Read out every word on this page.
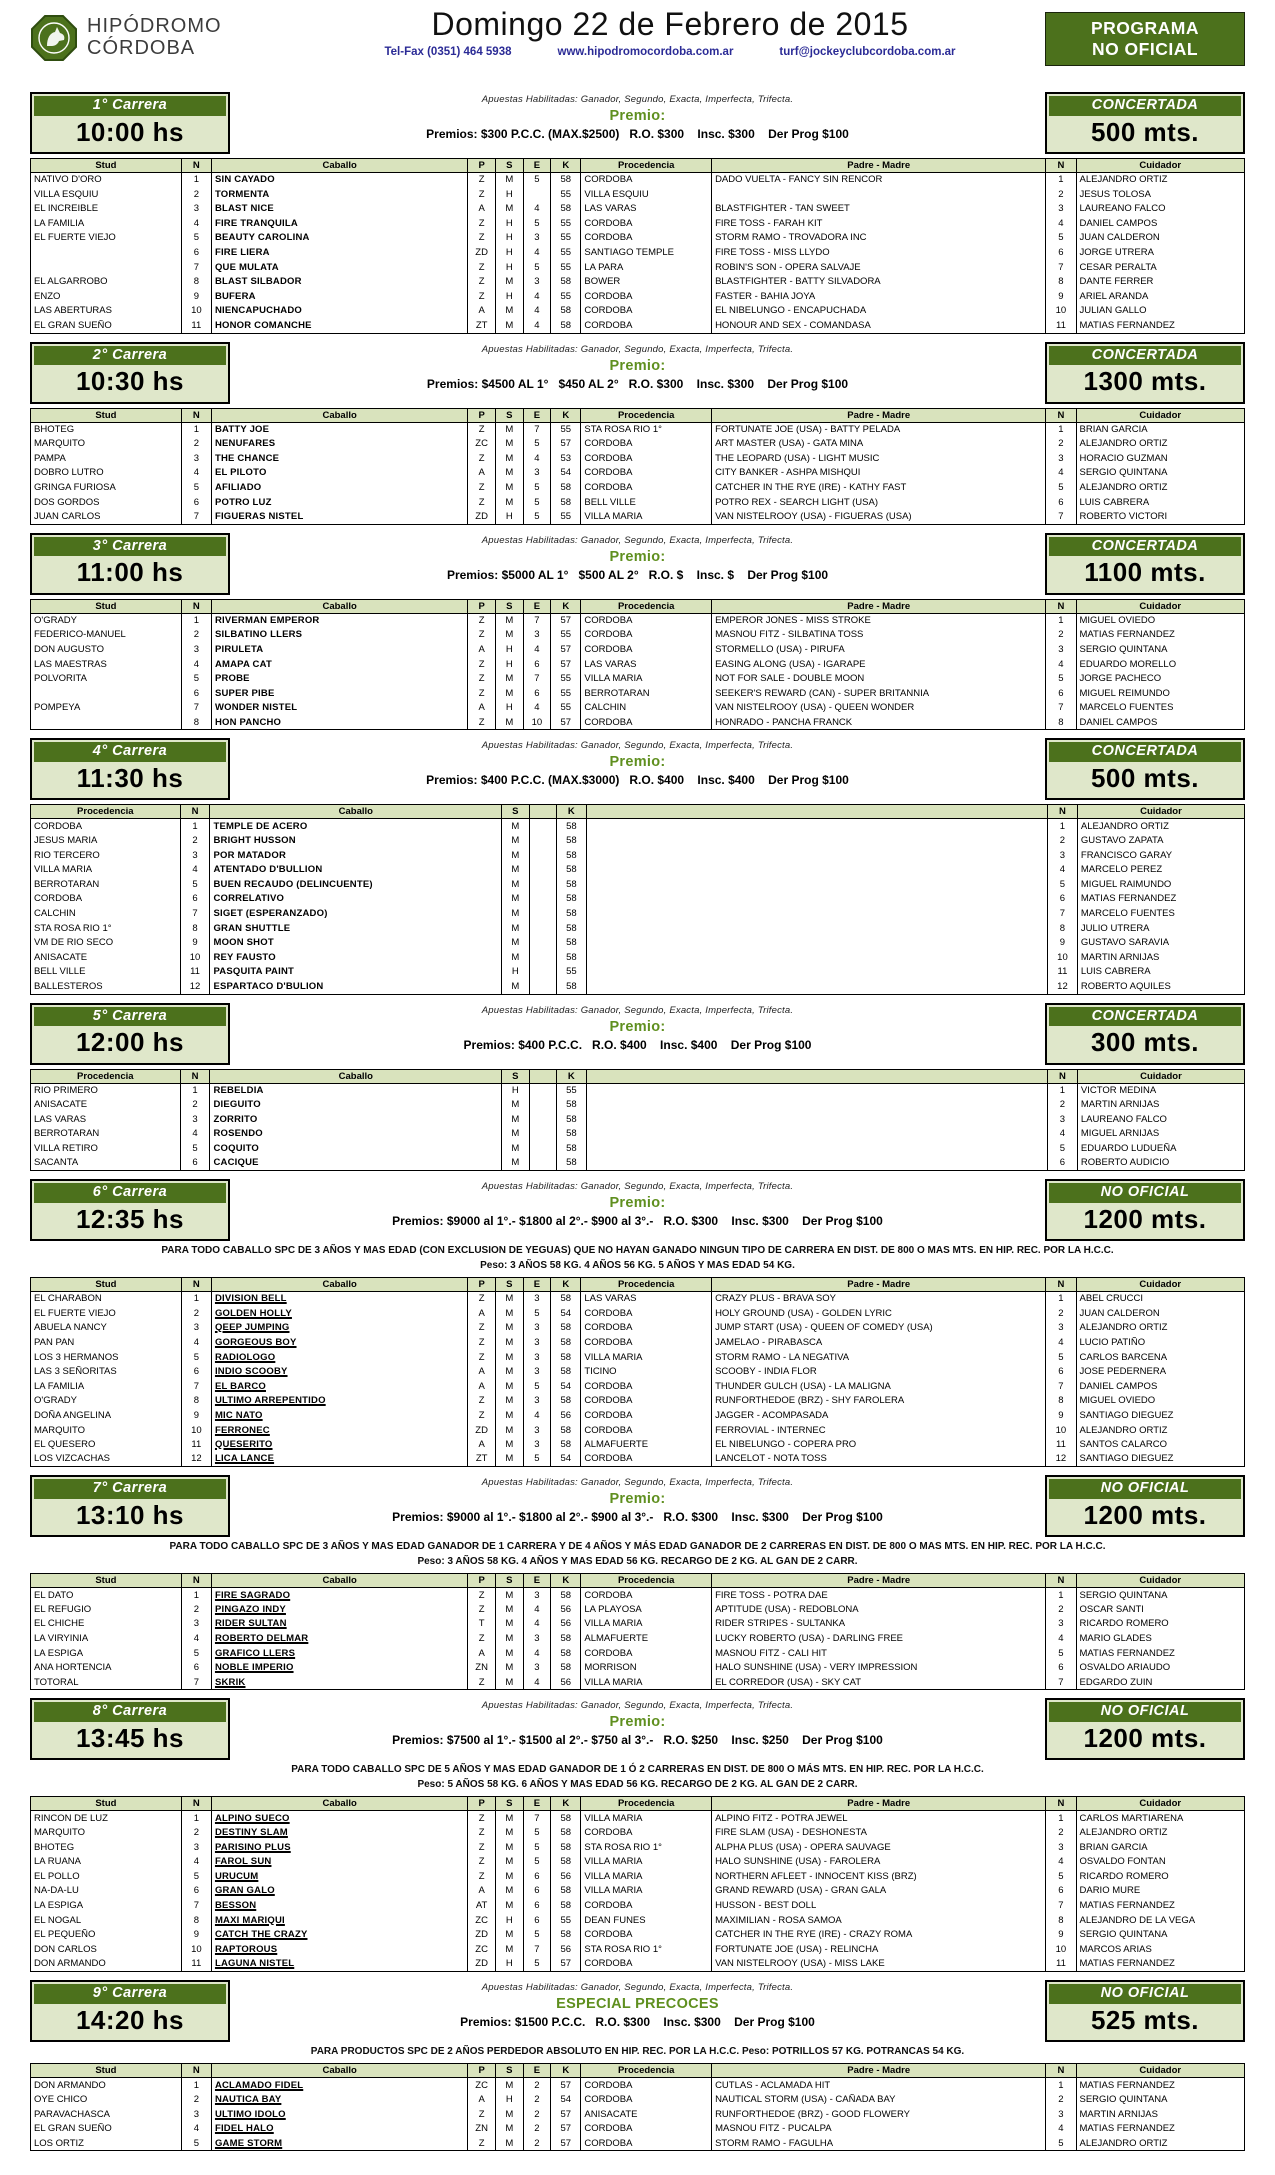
HIPÓDROMO
CÓRDOBA
Domingo 22 de Febrero de 2015
Tel-Fax (0351) 464 5938	www.hipodromocordoba.com.ar	turf@jockeyclubcordoba.com.ar
PROGRAMA
NO OFICIAL
1° Carrera
10:00 hs
Apuestas Habilitadas: Ganador, Segundo, Exacta, Imperfecta, Trifecta.
Premio:
Premios: $300 P.C.C. (MAX.$2500)   R.O. $300    Insc. $300    Der Prog $100
CONCERTADA
500 mts.
Stud	N	Caballo	P	S	E	K	Procedencia	Padre - Madre	N	Cuidador
NATIVO D'ORO	1	SIN CAYADO	Z	M	5	58	CORDOBA	DADO VUELTA - FANCY SIN RENCOR	1	ALEJANDRO ORTIZ
VILLA ESQUIU	2	TORMENTA	Z	H		55	VILLA ESQUIU		2	JESUS TOLOSA
EL INCREIBLE	3	BLAST NICE	A	M	4	58	LAS VARAS	BLASTFIGHTER - TAN SWEET	3	LAUREANO FALCO
LA FAMILIA	4	FIRE TRANQUILA	Z	H	5	55	CORDOBA	FIRE TOSS - FARAH KIT	4	DANIEL CAMPOS
EL FUERTE VIEJO	5	BEAUTY CAROLINA	Z	H	3	55	CORDOBA	STORM RAMO - TROVADORA INC	5	JUAN CALDERON
	6	FIRE LIERA	ZD	H	4	55	SANTIAGO TEMPLE	FIRE TOSS - MISS LLYDO	6	JORGE UTRERA
	7	QUE MULATA	Z	H	5	55	LA PARA	ROBIN'S SON - OPERA SALVAJE	7	CESAR PERALTA
EL ALGARROBO	8	BLAST SILBADOR	Z	M	3	58	BOWER	BLASTFIGHTER - BATTY SILVADORA	8	DANTE FERRER
ENZO	9	BUFERA	Z	H	4	55	CORDOBA	FASTER - BAHIA JOYA	9	ARIEL ARANDA
LAS ABERTURAS	10	NIENCAPUCHADO	A	M	4	58	CORDOBA	EL NIBELUNGO - ENCAPUCHADA	10	JULIAN GALLO
EL GRAN SUEÑO	11	HONOR COMANCHE	ZT	M	4	58	CORDOBA	HONOUR AND SEX - COMANDASA	11	MATIAS FERNANDEZ
2° Carrera
10:30 hs
Apuestas Habilitadas: Ganador, Segundo, Exacta, Imperfecta, Trifecta.
Premio:
Premios: $4500 AL 1°   $450 AL 2°   R.O. $300    Insc. $300    Der Prog $100
CONCERTADA
1300 mts.
Stud	N	Caballo	P	S	E	K	Procedencia	Padre - Madre	N	Cuidador
BHOTEG	1	BATTY JOE	Z	M	7	55	STA ROSA RIO 1°	FORTUNATE JOE (USA) - BATTY PELADA	1	BRIAN GARCIA
MARQUITO	2	NENUFARES	ZC	M	5	57	CORDOBA	ART MASTER (USA) - GATA MINA	2	ALEJANDRO ORTIZ
PAMPA	3	THE CHANCE	Z	M	4	53	CORDOBA	THE LEOPARD (USA) - LIGHT MUSIC	3	HORACIO GUZMAN
DOBRO LUTRO	4	EL PILOTO	A	M	3	54	CORDOBA	CITY BANKER - ASHPA MISHQUI	4	SERGIO QUINTANA
GRINGA FURIOSA	5	AFILIADO	Z	M	5	58	CORDOBA	CATCHER IN THE RYE (IRE) - KATHY FAST	5	ALEJANDRO ORTIZ
DOS GORDOS	6	POTRO LUZ	Z	M	5	58	BELL VILLE	POTRO REX - SEARCH LIGHT (USA)	6	LUIS CABRERA
JUAN CARLOS	7	FIGUERAS NISTEL	ZD	H	5	55	VILLA MARIA	VAN NISTELROOY (USA) - FIGUERAS (USA)	7	ROBERTO VICTORI
3° Carrera
11:00 hs
Apuestas Habilitadas: Ganador, Segundo, Exacta, Imperfecta, Trifecta.
Premio:
Premios: $5000 AL 1°   $500 AL 2°   R.O. $    Insc. $    Der Prog $100
CONCERTADA
1100 mts.
Stud	N	Caballo	P	S	E	K	Procedencia	Padre - Madre	N	Cuidador
O'GRADY	1	RIVERMAN EMPEROR	Z	M	7	57	CORDOBA	EMPEROR JONES - MISS STROKE	1	MIGUEL OVIEDO
FEDERICO-MANUEL	2	SILBATINO LLERS	Z	M	3	55	CORDOBA	MASNOU FITZ - SILBATINA TOSS	2	MATIAS FERNANDEZ
DON AUGUSTO	3	PIRULETA	A	H	4	57	CORDOBA	STORMELLO (USA) - PIRUFA	3	SERGIO QUINTANA
LAS MAESTRAS	4	AMAPA CAT	Z	H	6	57	LAS VARAS	EASING ALONG (USA) - IGARAPE	4	EDUARDO MORELLO
POLVORITA	5	PROBE	Z	M	7	55	VILLA MARIA	NOT FOR SALE - DOUBLE MOON	5	JORGE PACHECO
	6	SUPER PIBE	Z	M	6	55	BERROTARAN	SEEKER'S REWARD (CAN) - SUPER BRITANNIA	6	MIGUEL REIMUNDO
POMPEYA	7	WONDER NISTEL	A	H	4	55	CALCHIN	VAN NISTELROOY (USA) - QUEEN WONDER	7	MARCELO FUENTES
	8	HON PANCHO	Z	M	10	57	CORDOBA	HONRADO - PANCHA FRANCK	8	DANIEL CAMPOS
4° Carrera
11:30 hs
Apuestas Habilitadas: Ganador, Segundo, Exacta, Imperfecta, Trifecta.
Premio:
Premios: $400 P.C.C. (MAX.$3000)   R.O. $400    Insc. $400    Der Prog $100
CONCERTADA
500 mts.
Procedencia	N	Caballo	S		K		N	Cuidador
CORDOBA	1	TEMPLE DE ACERO	M		58		1	ALEJANDRO ORTIZ
JESUS MARIA	2	BRIGHT HUSSON	M		58		2	GUSTAVO ZAPATA
RIO TERCERO	3	POR MATADOR	M		58		3	FRANCISCO GARAY
VILLA MARIA	4	ATENTADO D'BULLION	M		58		4	MARCELO PEREZ
BERROTARAN	5	BUEN RECAUDO (DELINCUENTE)	M		58		5	MIGUEL RAIMUNDO
CORDOBA	6	CORRELATIVO	M		58		6	MATIAS FERNANDEZ
CALCHIN	7	SIGET (ESPERANZADO)	M		58		7	MARCELO FUENTES
STA ROSA RIO 1°	8	GRAN SHUTTLE	M		58		8	JULIO UTRERA
VM DE RIO SECO	9	MOON SHOT	M		58		9	GUSTAVO SARAVIA
ANISACATE	10	REY FAUSTO	M		58		10	MARTIN ARNIJAS
BELL VILLE	11	PASQUITA PAINT	H		55		11	LUIS CABRERA
BALLESTEROS	12	ESPARTACO D'BULION	M		58		12	ROBERTO AQUILES
5° Carrera
12:00 hs
Apuestas Habilitadas: Ganador, Segundo, Exacta, Imperfecta, Trifecta.
Premio:
Premios: $400 P.C.C.   R.O. $400    Insc. $400    Der Prog $100
CONCERTADA
300 mts.
Procedencia	N	Caballo	S		K		N	Cuidador
RIO PRIMERO	1	REBELDIA	H		55		1	VICTOR MEDINA
ANISACATE	2	DIEGUITO	M		58		2	MARTIN ARNIJAS
LAS VARAS	3	ZORRITO	M		58		3	LAUREANO FALCO
BERROTARAN	4	ROSENDO	M		58		4	MIGUEL ARNIJAS
VILLA RETIRO	5	COQUITO	M		58		5	EDUARDO LUDUEÑA
SACANTA	6	CACIQUE	M		58		6	ROBERTO AUDICIO
6° Carrera
12:35 hs
Apuestas Habilitadas: Ganador, Segundo, Exacta, Imperfecta, Trifecta.
Premio:
Premios: $9000 al 1°.- $1800 al 2°.- $900 al 3°.-   R.O. $300    Insc. $300    Der Prog $100
NO OFICIAL
1200 mts.
PARA TODO CABALLO SPC DE 3 AÑOS Y MAS EDAD (CON EXCLUSION DE YEGUAS) QUE NO HAYAN GANADO NINGUN TIPO DE CARRERA EN DIST. DE 800 O MAS MTS. EN HIP. REC. POR LA H.C.C.
Peso: 3 AÑOS 58 KG. 4 AÑOS 56 KG. 5 AÑOS Y MAS EDAD 54 KG.
Stud	N	Caballo	P	S	E	K	Procedencia	Padre - Madre	N	Cuidador
EL CHARABON	1	DIVISION BELL	Z	M	3	58	LAS VARAS	CRAZY PLUS - BRAVA SOY	1	ABEL CRUCCI
EL FUERTE VIEJO	2	GOLDEN HOLLY	A	M	5	54	CORDOBA	HOLY GROUND (USA) - GOLDEN LYRIC	2	JUAN CALDERON
ABUELA NANCY	3	QEEP JUMPING	Z	M	3	58	CORDOBA	JUMP START (USA) - QUEEN OF COMEDY (USA)	3	ALEJANDRO ORTIZ
PAN PAN	4	GORGEOUS BOY	Z	M	3	58	CORDOBA	JAMELAO - PIRABASCA	4	LUCIO PATIÑO
LOS 3 HERMANOS	5	RADIOLOGO	Z	M	3	58	VILLA MARIA	STORM RAMO - LA NEGATIVA	5	CARLOS BARCENA
LAS 3 SEÑORITAS	6	INDIO SCOOBY	A	M	3	58	TICINO	SCOOBY - INDIA FLOR	6	JOSE PEDERNERA
LA FAMILIA	7	EL BARCO	A	M	5	54	CORDOBA	THUNDER GULCH (USA) - LA MALIGNA	7	DANIEL CAMPOS
O'GRADY	8	ULTIMO ARREPENTIDO	Z	M	3	58	CORDOBA	RUNFORTHEDOE (BRZ) - SHY FAROLERA	8	MIGUEL OVIEDO
DOÑA ANGELINA	9	MIC NATO	Z	M	4	56	CORDOBA	JAGGER - ACOMPASADA	9	SANTIAGO DIEGUEZ
MARQUITO	10	FERRONEC	ZD	M	3	58	CORDOBA	FERROVIAL - INTERNEC	10	ALEJANDRO ORTIZ
EL QUESERO	11	QUESERITO	A	M	3	58	ALMAFUERTE	EL NIBELUNGO - COPERA PRO	11	SANTOS CALARCO
LOS VIZCACHAS	12	LICA LANCE	ZT	M	5	54	CORDOBA	LANCELOT - NOTA TOSS	12	SANTIAGO DIEGUEZ
7° Carrera
13:10 hs
Apuestas Habilitadas: Ganador, Segundo, Exacta, Imperfecta, Trifecta.
Premio:
Premios: $9000 al 1°.- $1800 al 2°.- $900 al 3°.-   R.O. $300    Insc. $300    Der Prog $100
NO OFICIAL
1200 mts.
PARA TODO CABALLO SPC DE 3 AÑOS Y MAS EDAD GANADOR DE 1 CARRERA Y DE 4 AÑOS Y MÁS EDAD GANADOR DE 2 CARRERAS EN DIST. DE 800 O MAS MTS. EN HIP. REC. POR LA H.C.C.
Peso: 3 AÑOS 58 KG. 4 AÑOS Y MAS EDAD 56 KG. RECARGO DE 2 KG. AL GAN DE 2 CARR.
Stud	N	Caballo	P	S	E	K	Procedencia	Padre - Madre	N	Cuidador
EL DATO	1	FIRE SAGRADO	Z	M	3	58	CORDOBA	FIRE TOSS - POTRA DAE	1	SERGIO QUINTANA
EL REFUGIO	2	PINGAZO INDY	Z	M	4	56	LA PLAYOSA	APTITUDE (USA) - REDOBLONA	2	OSCAR SANTI
EL CHICHE	3	RIDER SULTAN	T	M	4	56	VILLA MARIA	RIDER STRIPES - SULTANKA	3	RICARDO ROMERO
LA VIRYINIA	4	ROBERTO DELMAR	Z	M	3	58	ALMAFUERTE	LUCKY ROBERTO (USA) - DARLING FREE	4	MARIO GLADES
LA ESPIGA	5	GRAFICO LLERS	A	M	4	58	CORDOBA	MASNOU FITZ - CALI HIT	5	MATIAS FERNANDEZ
ANA HORTENCIA	6	NOBLE IMPERIO	ZN	M	3	58	MORRISON	HALO SUNSHINE (USA) - VERY IMPRESSION	6	OSVALDO ARIAUDO
TOTORAL	7	SKRIK	Z	M	4	56	VILLA MARIA	EL CORREDOR (USA) - SKY CAT	7	EDGARDO ZUIN
8° Carrera
13:45 hs
Apuestas Habilitadas: Ganador, Segundo, Exacta, Imperfecta, Trifecta.
Premio:
Premios: $7500 al 1°.- $1500 al 2°.- $750 al 3°.-   R.O. $250    Insc. $250    Der Prog $100
NO OFICIAL
1200 mts.
PARA TODO CABALLO SPC DE 5 AÑOS Y MAS EDAD GANADOR DE 1 Ó 2 CARRERAS EN DIST. DE 800 O MÁS MTS. EN HIP. REC. POR LA H.C.C.
Peso: 5 AÑOS 58 KG. 6 AÑOS Y MAS EDAD 56 KG. RECARGO DE 2 KG. AL GAN DE 2 CARR.
Stud	N	Caballo	P	S	E	K	Procedencia	Padre - Madre	N	Cuidador
RINCON DE LUZ	1	ALPINO SUECO	Z	M	7	58	VILLA MARIA	ALPINO FITZ - POTRA JEWEL	1	CARLOS MARTIARENA
MARQUITO	2	DESTINY SLAM	Z	M	5	58	CORDOBA	FIRE SLAM (USA) - DESHONESTA	2	ALEJANDRO ORTIZ
BHOTEG	3	PARISINO PLUS	Z	M	5	58	STA ROSA RIO 1°	ALPHA PLUS (USA) - OPERA SAUVAGE	3	BRIAN GARCIA
LA RUANA	4	FAROL SUN	Z	M	5	58	VILLA MARIA	HALO SUNSHINE (USA) - FAROLERA	4	OSVALDO FONTAN
EL POLLO	5	URUCUM	Z	M	6	56	VILLA MARIA	NORTHERN AFLEET - INNOCENT KISS (BRZ)	5	RICARDO ROMERO
NA-DA-LU	6	GRAN GALO	A	M	6	58	VILLA MARIA	GRAND REWARD (USA) - GRAN GALA	6	DARIO MURE
LA ESPIGA	7	BESSON	AT	M	6	58	CORDOBA	HUSSON - BEST DOLL	7	MATIAS FERNANDEZ
EL NOGAL	8	MAXI MARIQUI	ZC	H	6	55	DEAN FUNES	MAXIMILIAN - ROSA SAMOA	8	ALEJANDRO DE LA VEGA
EL PEQUEÑO	9	CATCH THE CRAZY	ZD	M	5	58	CORDOBA	CATCHER IN THE RYE (IRE) - CRAZY ROMA	9	SERGIO QUINTANA
DON CARLOS	10	RAPTOROUS	ZC	M	7	56	STA ROSA RIO 1°	FORTUNATE JOE (USA) - RELINCHA	10	MARCOS ARIAS
DON ARMANDO	11	LAGUNA NISTEL	ZD	H	5	57	CORDOBA	VAN NISTELROOY (USA) - MISS LAKE	11	MATIAS FERNANDEZ
9° Carrera
14:20 hs
Apuestas Habilitadas: Ganador, Segundo, Exacta, Imperfecta, Trifecta.
ESPECIAL PRECOCES
Premios: $1500 P.C.C.   R.O. $300    Insc. $300    Der Prog $100
NO OFICIAL
525 mts.
PARA PRODUCTOS SPC DE 2 AÑOS PERDEDOR ABSOLUTO EN HIP. REC. POR LA H.C.C. Peso: POTRILLOS 57 KG. POTRANCAS 54 KG.
Stud	N	Caballo	P	S	E	K	Procedencia	Padre - Madre	N	Cuidador
DON ARMANDO	1	ACLAMADO FIDEL	ZC	M	2	57	CORDOBA	CUTLAS - ACLAMADA HIT	1	MATIAS FERNANDEZ
OYE CHICO	2	NAUTICA BAY	A	H	2	54	CORDOBA	NAUTICAL STORM (USA) - CAÑADA BAY	2	SERGIO QUINTANA
PARAVACHASCA	3	ULTIMO IDOLO	Z	M	2	57	ANISACATE	RUNFORTHEDOE (BRZ) - GOOD FLOWERY	3	MARTIN ARNIJAS
EL GRAN SUEÑO	4	FIDEL HALO	ZN	M	2	57	CORDOBA	MASNOU FITZ - PUCALPA	4	MATIAS FERNANDEZ
LOS ORTIZ	5	GAME STORM	Z	M	2	57	CORDOBA	STORM RAMO - FAGULHA	5	ALEJANDRO ORTIZ
